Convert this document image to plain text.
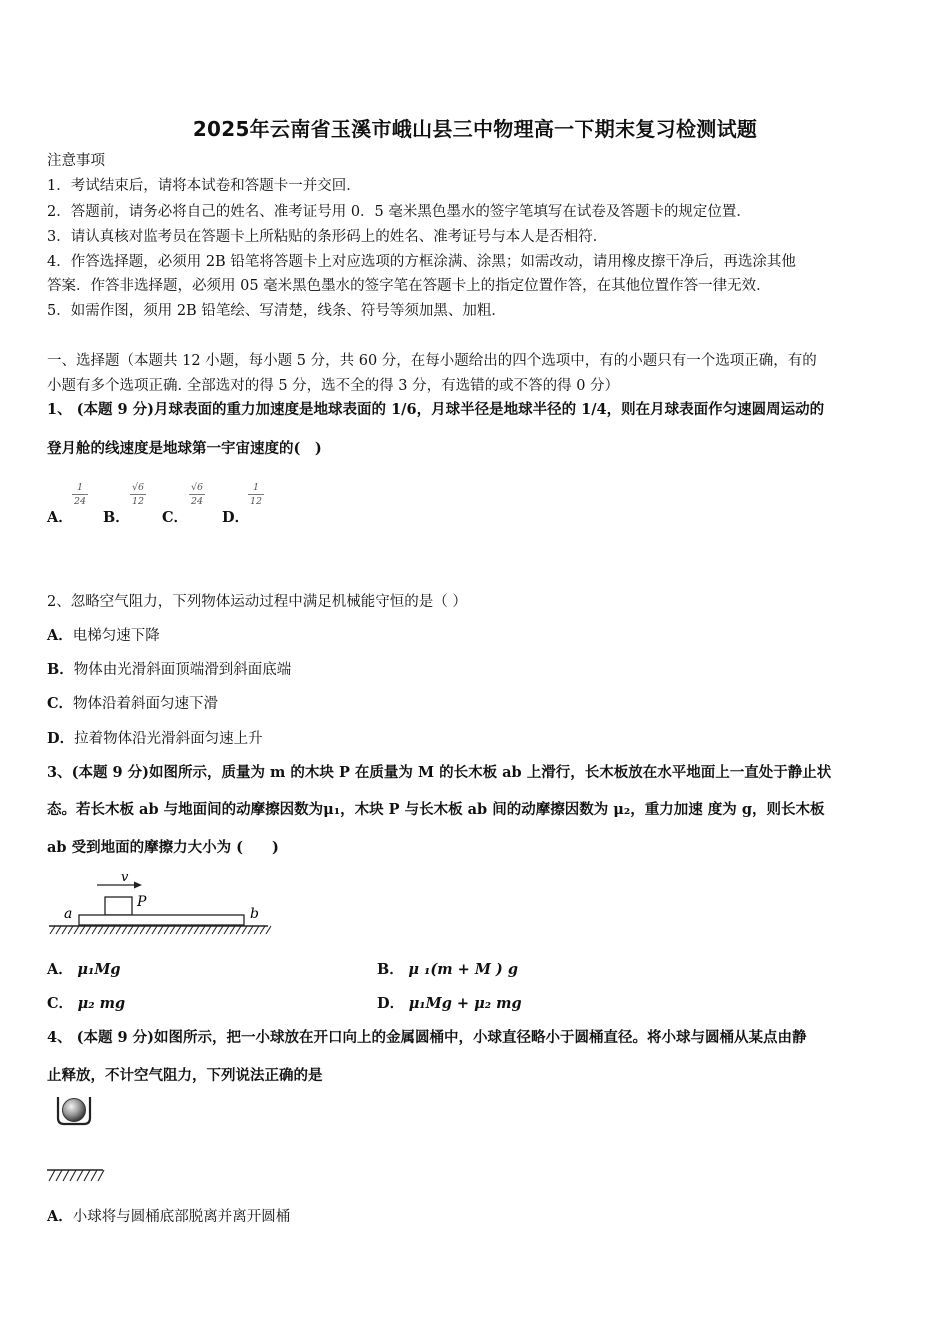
2025年云南省玉溪市峨山县三中物理高一下期末复习检测试题
注意事项
1．考试结束后，请将本试卷和答题卡一并交回．
2．答题前，请务必将自己的姓名、准考证号用 0．5 毫米黑色墨水的签字笔填写在试卷及答题卡的规定位置．
3．请认真核对监考员在答题卡上所粘贴的条形码上的姓名、准考证号与本人是否相符．
4．作答选择题，必须用 2B 铅笔将答题卡上对应选项的方框涂满、涂黑；如需改动，请用橡皮擦干净后，再选涂其他
答案．作答非选择题，必须用 05 毫米黑色墨水的签字笔在答题卡上的指定位置作答，在其他位置作答一律无效．
5．如需作图，须用 2B 铅笔绘、写清楚，线条、符号等须加黑、加粗．
一、选择题（本题共 12 小题，每小题 5 分，共 60 分，在每小题给出的四个选项中，有的小题只有一个选项正确，有的
小题有多个选项正确. 全部选对的得 5 分，选不全的得 3 分，有选错的或不答的得 0 分）
1、 (本题 9 分)月球表面的重力加速度是地球表面的 1/6，月球半径是地球半径的 1/4，则在月球表面作匀速圆周运动的
登月舱的线速度是地球第一宇宙速度的(　)
A．
1
24
B．
√6
12
C．
√6
24
D．
1
12
2、忽略空气阻力，下列物体运动过程中满足机械能守恒的是（ ）
A．电梯匀速下降
B．物体由光滑斜面顶端滑到斜面底端
C．物体沿着斜面匀速下滑
D．拉着物体沿光滑斜面匀速上升
3、(本题 9 分)如图所示，质量为 m 的木块 P 在质量为 M 的长木板 ab 上滑行，长木板放在水平地面上一直处于静止状
态。若长木板 ab 与地面间的动摩擦因数为μ₁，木块 P 与长木板 ab 间的动摩擦因数为 μ₂，重力加速 度为 g，则长木板
ab 受到地面的摩擦力大小为 (　　)
v
P
a	b
A． μ₁Mg	B． μ ₁(m + M ) g
C． μ₂ mg	D． μ₁Mg + μ₂ mg
4、 (本题 9 分)如图所示，把一小球放在开口向上的金属圆桶中，小球直径略小于圆桶直径。将小球与圆桶从某点由静
止释放，不计空气阻力，下列说法正确的是
A．小球将与圆桶底部脱离并离开圆桶
